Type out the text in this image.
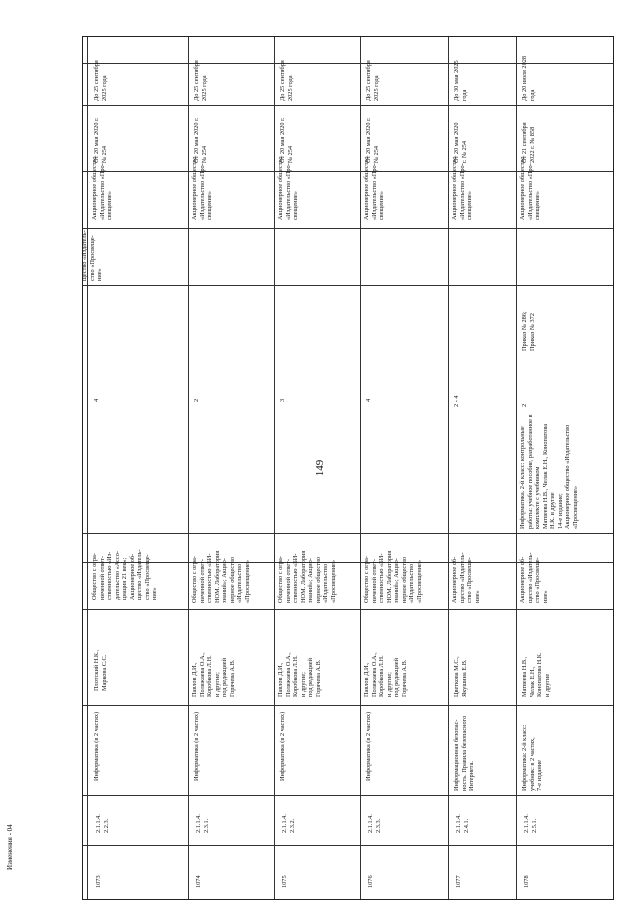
149
Изменения - 04
щество «Издатель-
ство «Просвеще-
ние»
1073
2.1.1.4.
2.2.3.
Информатика (в 2 частях)
Плотский Н.К.,
Маркова С.С.
Общество с огра-
ниченной ответ-
ственностью «Из-
дательство «Ассо-
циация 21 век»;
Акционерное об-
щество «Издатель-
ство «Просвеще-
ние»
4
Акционерное общество
«Издательство «Про-
свещение»
От 20 мая 2020 г.
№ 254
До 25 сентября
2025 года
1074
2.1.1.4.
2.3.1.
Информатика (в 2 частях)
Павлов Д.И.,
Поляжаева О.А.,
Коробкова Л.Н.
и другие;
под редакцией
Горячева А.В.
Общество с огра-
ниченной ответ-
ственностью «БИ-
НОМ. Лаборатория
знаний»; Акцио-
нерное общество
«Издательство
«Просвещение»
2
Акционерное общество
«Издательство «Про-
свещение»
От 20 мая 2020 г.
№ 254
До 25 сентября
2025 года
1075
2.1.1.4.
2.3.2.
Информатика (в 2 частях)
Павлов Д.И.,
Поляжаева О.А.,
Коробкова Л.Н.
и другие;
под редакцией
Горячева А.В.
Общество с огра-
ниченной ответ-
ственностью «БИ-
НОМ. Лаборатория
знаний»; Акцио-
нерное общество
«Издательство
«Просвещение»
3
Акционерное общество
«Издательство «Про-
свещение»
От 20 мая 2020 г.
№ 254
До 25 сентября
2025 года
1076
2.1.1.4.
2.3.3.
Информатика (в 2 частях)
Павлов Д.И.,
Поляжаева О.А.,
Коробкова Л.Н.
и другие;
под редакцией
Горячева А.В.
Общество с огра-
ниченной ответ-
ственностью «БИ-
НОМ. Лаборатория
знаний»; Акцио-
нерное общество
«Издательство
«Просвещение»
4
Акционерное общество
«Издательство «Про-
свещение»
От 20 мая 2020 г.
№ 254
До 25 сентября
2025 года
1077
2.1.1.4.
2.4.1.
Информационная безопас-
ность. Правила безопасного
Интернета.
Цветкова М.С.,
Якушина Е.В.
Акционерное об-
щество «Издатель-
ство «Просвеще-
ние»
2 - 4
Акционерное общество
«Издательство «Про-
свещение»
От 20 мая 2020
г. № 254
До 30 мая 2025
года
1078
2.1.1.4.
2.5.1.
Информатика: 2-й класс:
учебник: в 2 частях,
7-е издание
Матвеева Н.В.,
Челак Е.Н.,
Конопатова Н.К.
и другие
Акционерное об-
щество «Издатель-
ство «Просвеще-
ние»
Информатика. 2-й класс: контрольные
работы: учебное пособие, разработанное в
комплекте с учебником
Матвеева Н.В., Челак Е.Н., Конопатова
Н.К. и другие
14-е издание;
Акционерное общество «Издательство
«Просвещение»
2
Приказ № 286;
Приказ № 372
Акционерное общество
«Издательство «Про-
свещение»
От 21 сентября
2022 г. № 858
До 20 июля 2028
года
